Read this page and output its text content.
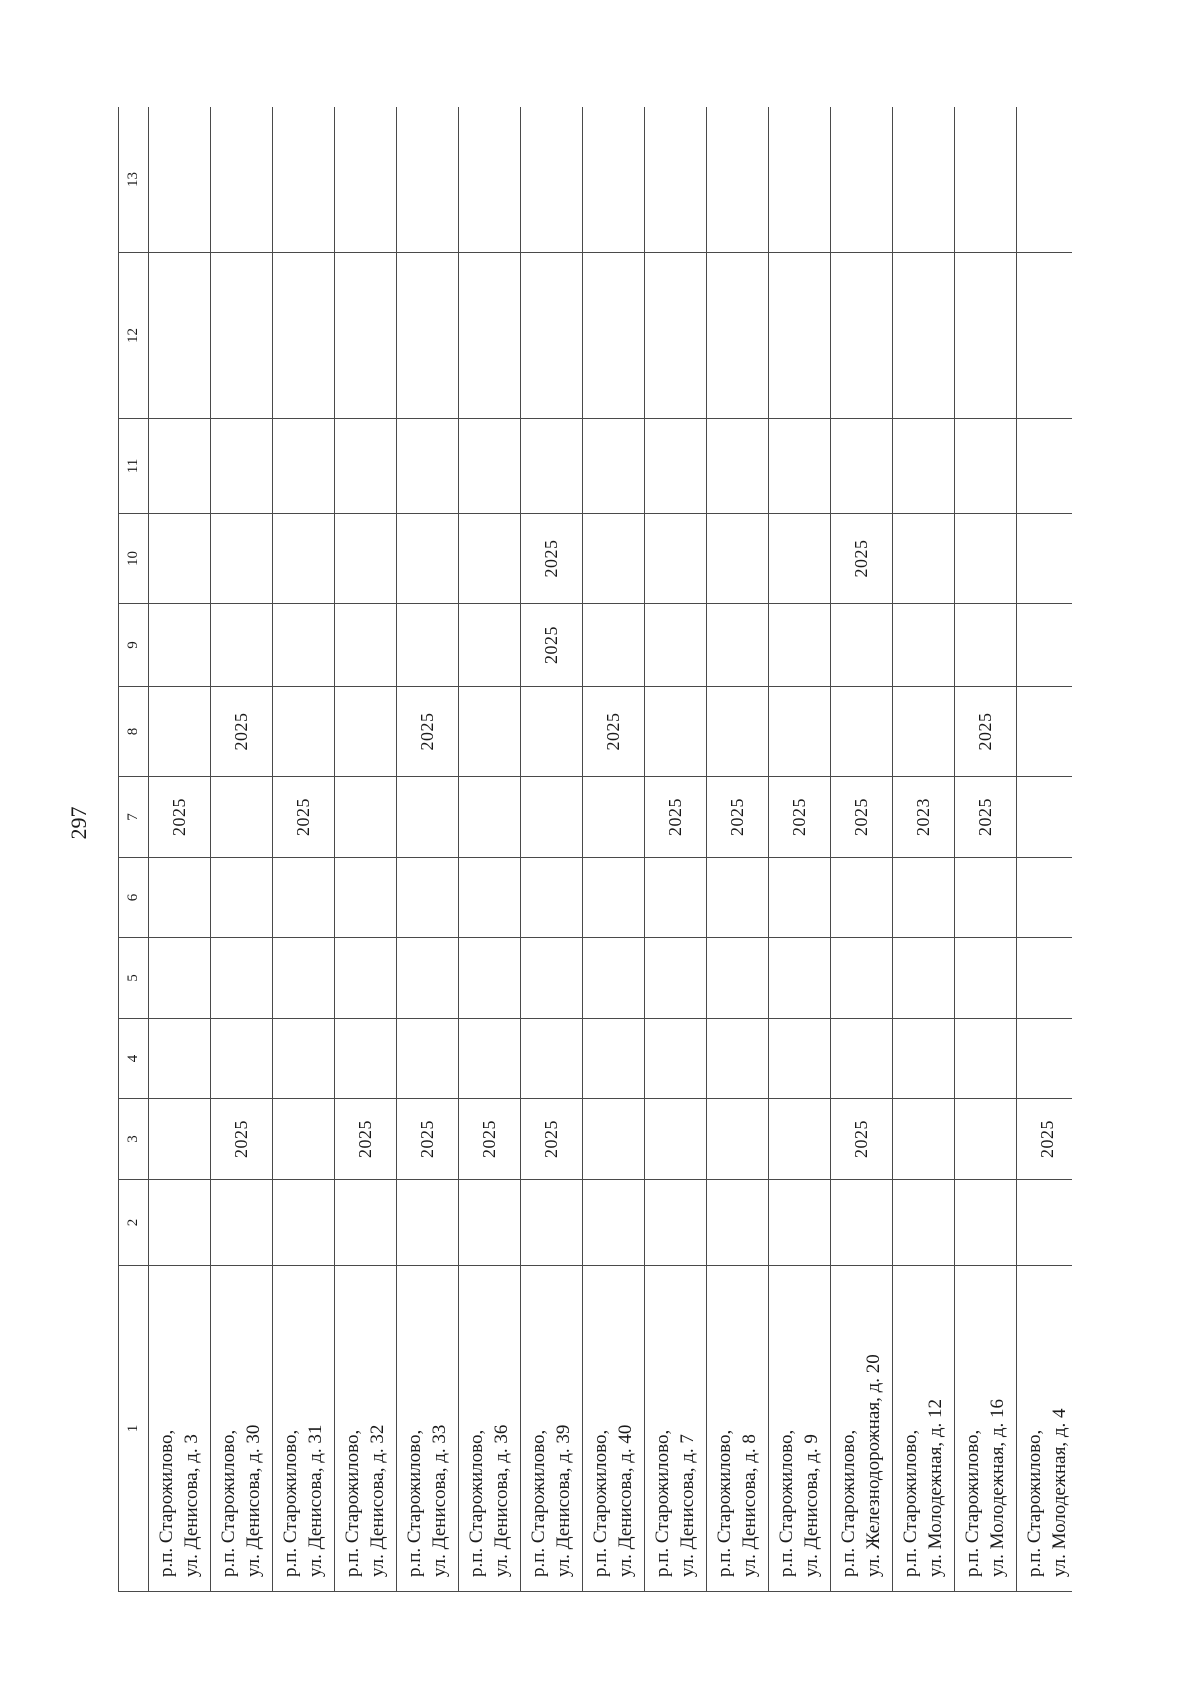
297
1	2	3	4	5	6	7	8	9	10	11	12	13

р.п. Старожилово, ул. Денисова, д. 3						2025						

р.п. Старожилово, ул. Денисова, д. 30		2025					2025					

р.п. Старожилово, ул. Денисова, д. 31						2025						

р.п. Старожилово, ул. Денисова, д. 32		2025										

р.п. Старожилово, ул. Денисова, д. 33		2025					2025					

р.п. Старожилово, ул. Денисова, д. 36		2025										

р.п. Старожилово, ул. Денисова, д. 39		2025						2025	2025			

р.п. Старожилово, ул. Денисова, д. 40							2025					

р.п. Старожилово, ул. Денисова, д. 7						2025						

р.п. Старожилово, ул. Денисова, д. 8						2025						

р.п. Старожилово, ул. Денисова, д. 9						2025						

р.п. Старожилово, ул. Железнодорожная, д. 20		2025				2025			2025			

р.п. Старожилово, ул. Молодежная, д. 12						2023						

р.п. Старожилово, ул. Молодежная, д. 16						2025	2025					

р.п. Старожилово, ул. Молодежная, д. 4		2025										
